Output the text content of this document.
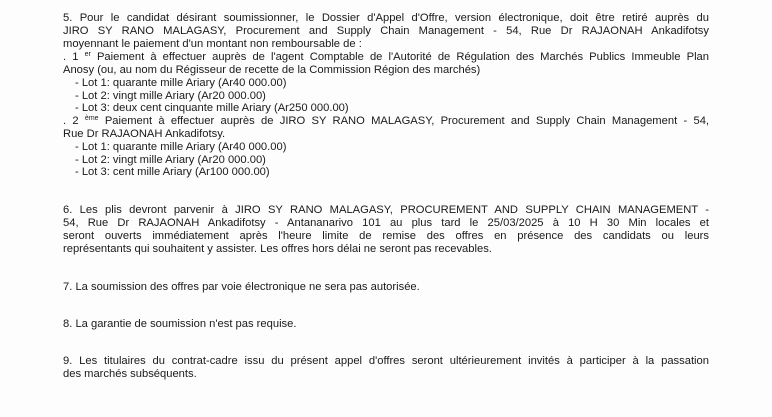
5. Pour le candidat désirant soumissionner, le Dossier d'Appel d'Offre, version électronique, doit être retiré auprès du
JIRO SY RANO MALAGASY, Procurement and Supply Chain Management - 54, Rue Dr RAJAONAH Ankadifotsy
moyennant le paiement d'un montant non remboursable de :
. 1 $^{er}$ Paiement à effectuer auprès de l'agent Comptable de l'Autorité de Régulation des Marchés Publics Immeuble Plan
Anosy (ou, au nom du Régisseur de recette de la Commission Région des marchés)
- Lot 1: quarante mille Ariary (Ar40 000.00)
- Lot 2: vingt mille Ariary (Ar20 000.00)
- Lot 3: deux cent cinquante mille Ariary (Ar250 000.00)
. 2 $^{ème}$ Paiement à effectuer auprès de JIRO SY RANO MALAGASY, Procurement and Supply Chain Management - 54,
Rue Dr RAJAONAH Ankadifotsy.
- Lot 1: quarante mille Ariary (Ar40 000.00)
- Lot 2: vingt mille Ariary (Ar20 000.00)
- Lot 3: cent mille Ariary (Ar100 000.00)
6. Les plis devront parvenir à JIRO SY RANO MALAGASY, PROCUREMENT AND SUPPLY CHAIN MANAGEMENT -
54, Rue Dr RAJAONAH Ankadifotsy - Antananarivo 101 au plus tard le 25/03/2025 à 10 H 30 Min locales et
seront ouverts immédiatement après l'heure limite de remise des offres en présence des candidats ou leurs
représentants qui souhaitent y assister. Les offres hors délai ne seront pas recevables.
7. La soumission des offres par voie électronique ne sera pas autorisée.
8. La garantie de soumission n'est pas requise.
9. Les titulaires du contrat-cadre issu du présent appel d'offres seront ultérieurement invités à participer à la passation
des marchés subséquents.
